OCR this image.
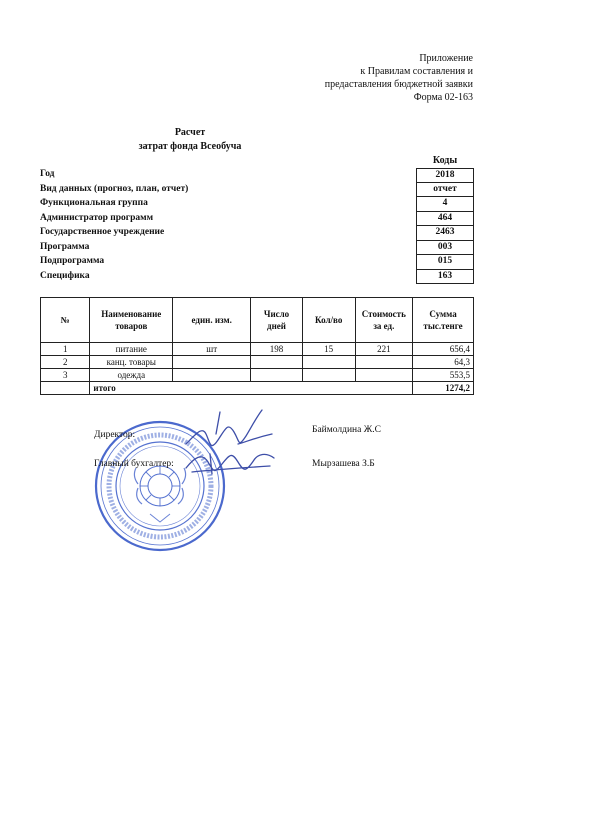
Приложение
к Правилам составления и
предаставления бюджетной заявки
Форма 02-163
Расчет
затрат фонда Всеобуча
Коды
Год	2018
Вид данных (прогноз, план, отчет)	отчет
Функциональная группа	4
Администратор программ	464
Государственное учреждение	2463
Программа	003
Подпрограмма	015
Специфика	163
№	Наименование товаров	един. изм.	Число дней	Кол/во	Стоимость за ед.	Сумма тыс.тенге
1	питание	шт	198	15	221	656,4
2	канц. товары					64,3
3	одежда					553,5
	итого					1274,2
Директор:	Баймолдина Ж.С
Главный бухгалтер:	Мырзашева З.Б
